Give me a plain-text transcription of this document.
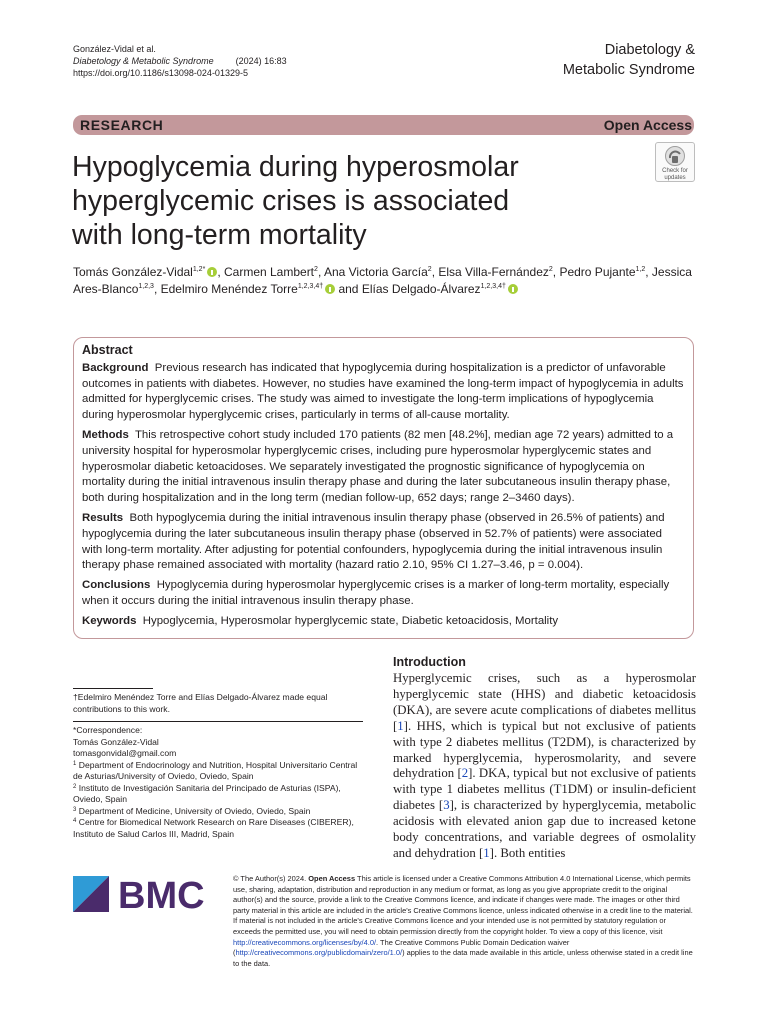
González-Vidal et al.
Diabetology & Metabolic Syndrome (2024) 16:83
https://doi.org/10.1186/s13098-024-01329-5
Diabetology &
Metabolic Syndrome
RESEARCH	Open Access
Check for
updates
Hypoglycemia during hyperosmolar
hyperglycemic crises is associated
with long-term mortality
Tomás González-Vidal$^{1,2*}$ , Carmen Lambert$^2$, Ana Victoria García$^2$, Elsa Villa-Fernández$^2$, Pedro Pujante$^{1,2}$, Jessica Ares-Blanco$^{1,2,3}$, Edelmiro Menéndez Torre$^{1,2,3,4\dagger}$ and Elías Delgado-Álvarez$^{1,2,3,4\dagger}$
Abstract

Background Previous research has indicated that hypoglycemia during hospitalization is a predictor of unfavorable outcomes in patients with diabetes. However, no studies have examined the long-term impact of hypoglycemia in adults admitted for hyperglycemic crises. The study was aimed to investigate the long-term implications of hypoglycemia during hyperosmolar hyperglycemic crises, particularly in terms of all-cause mortality.

Methods This retrospective cohort study included 170 patients (82 men [48.2%], median age 72 years) admitted to a university hospital for hyperosmolar hyperglycemic crises, including pure hyperosmolar hyperglycemic states and hyperosmolar diabetic ketoacidoses. We separately investigated the prognostic significance of hypoglycemia on mortality during the initial intravenous insulin therapy phase and during the later subcutaneous insulin therapy phase, both during hospitalization and in the long term (median follow-up, 652 days; range 2–3460 days).

Results Both hypoglycemia during the initial intravenous insulin therapy phase (observed in 26.5% of patients) and hypoglycemia during the later subcutaneous insulin therapy phase (observed in 52.7% of patients) were associated with long-term mortality. After adjusting for potential confounders, hypoglycemia during the initial intravenous insulin therapy phase remained associated with mortality (hazard ratio 2.10, 95% CI 1.27–3.46, p = 0.004).

Conclusions Hypoglycemia during hyperosmolar hyperglycemic crises is a marker of long-term mortality, especially when it occurs during the initial intravenous insulin therapy phase.

Keywords Hypoglycemia, Hyperosmolar hyperglycemic state, Diabetic ketoacidosis, Mortality

†Edelmiro Menéndez Torre and Elías Delgado-Álvarez made equal contributions to this work.
*Correspondence:
Tomás González-Vidal
tomasgonvidal@gmail.com
$^1$ Department of Endocrinology and Nutrition, Hospital Universitario Central de Asturias/University of Oviedo, Oviedo, Spain
$^2$ Instituto de Investigación Sanitaria del Principado de Asturias (ISPA), Oviedo, Spain
$^3$ Department of Medicine, University of Oviedo, Oviedo, Spain
$^4$ Centre for Biomedical Network Research on Rare Diseases (CIBERER), Instituto de Salud Carlos III, Madrid, Spain
Introduction
Hyperglycemic crises, such as a hyperosmolar hyperglycemic state (HHS) and diabetic ketoacidosis (DKA), are severe acute complications of diabetes mellitus [1]. HHS, which is typical but not exclusive of patients with type 2 diabetes mellitus (T2DM), is characterized by marked hyperglycemia, hyperosmolarity, and severe dehydration [2]. DKA, typical but not exclusive of patients with type 1 diabetes mellitus (T1DM) or insulin-deficient diabetes [3], is characterized by hyperglycemia, metabolic acidosis with elevated anion gap due to increased ketone body concentrations, and variable degrees of osmolality and dehydration [1]. Both entities
BMC	© The Author(s) 2024. Open Access This article is licensed under a Creative Commons Attribution 4.0 International License, which permits use, sharing, adaptation, distribution and reproduction in any medium or format, as long as you give appropriate credit to the original author(s) and the source, provide a link to the Creative Commons licence, and indicate if changes were made. The images or other third party material in this article are included in the article's Creative Commons licence, unless indicated otherwise in a credit line to the material. If material is not included in the article's Creative Commons licence and your intended use is not permitted by statutory regulation or exceeds the permitted use, you will need to obtain permission directly from the copyright holder. To view a copy of this licence, visit http://creativecommons.org/licenses/by/4.0/. The Creative Commons Public Domain Dedication waiver (http://creativecommons.org/publicdomain/zero/1.0/) applies to the data made available in this article, unless otherwise stated in a credit line to the data.
